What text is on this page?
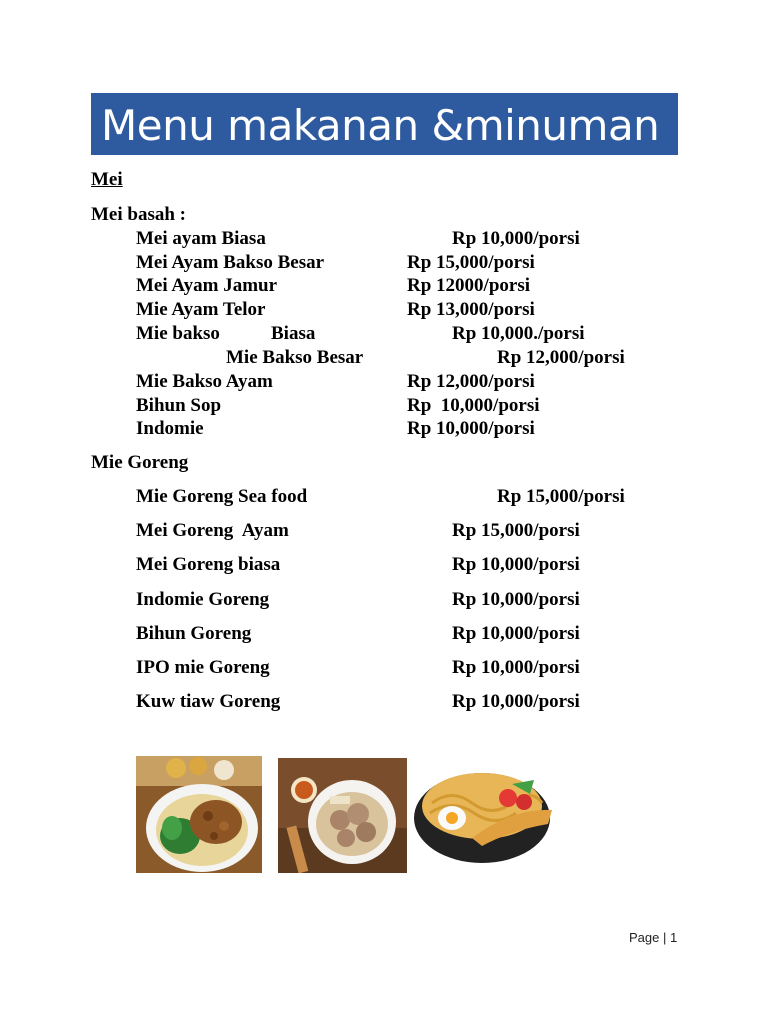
Menu makanan &minuman
Mei
Mei basah :
Mei ayam Biasa	Rp 10,000/porsi
Mei Ayam Bakso Besar	Rp 15,000/porsi
Mei Ayam Jamur	Rp 12000/porsi
Mie Ayam Telor	Rp 13,000/porsi
Mie bakso	Biasa	Rp 10,000./porsi
Mie Bakso Besar	Rp 12,000/porsi
Mie Bakso Ayam	Rp 12,000/porsi
Bihun Sop	Rp  10,000/porsi
Indomie	Rp 10,000/porsi
Mie Goreng
Mie Goreng Sea food	Rp 15,000/porsi
Mei Goreng  Ayam	Rp 15,000/porsi
Mei Goreng biasa	Rp 10,000/porsi
Indomie Goreng	Rp 10,000/porsi
Bihun Goreng	Rp 10,000/porsi
IPO mie Goreng	Rp 10,000/porsi
Kuw tiaw Goreng	Rp 10,000/porsi
Page | 1
